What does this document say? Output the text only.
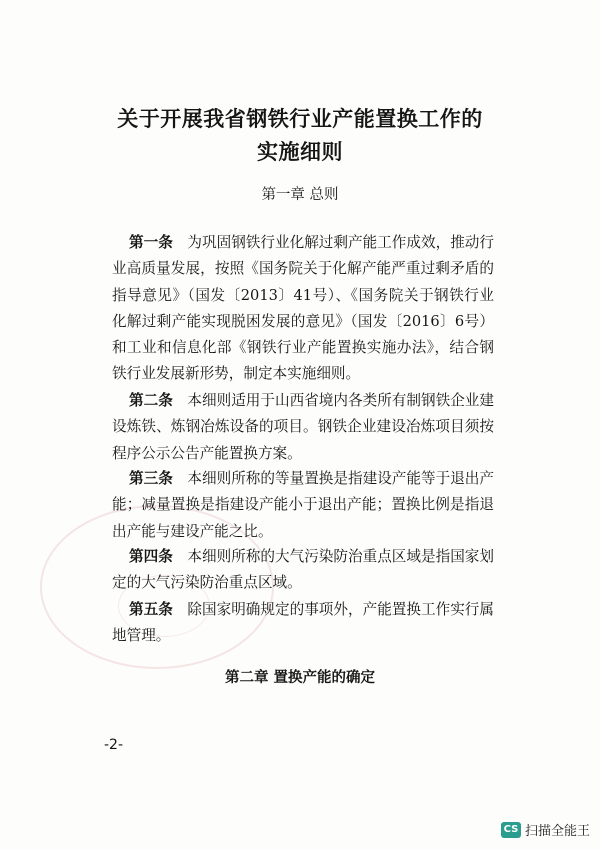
关于开展我省钢铁行业产能置换工作的
实施细则
第一章 总则
第一条  为巩固钢铁行业化解过剩产能工作成效，推动行业高质量发展，按照《国务院关于化解产能严重过剩矛盾的指导意见》（国发〔2013〕41号）、《国务院关于钢铁行业化解过剩产能实现脱困发展的意见》（国发〔2016〕6号）和工业和信息化部《钢铁行业产能置换实施办法》，结合钢铁行业发展新形势，制定本实施细则。
第二条  本细则适用于山西省境内各类所有制钢铁企业建设炼铁、炼钢冶炼设备的项目。钢铁企业建设冶炼项目须按程序公示公告产能置换方案。
第三条  本细则所称的等量置换是指建设产能等于退出产能；减量置换是指建设产能小于退出产能；置换比例是指退出产能与建设产能之比。
第四条  本细则所称的大气污染防治重点区域是指国家划定的大气污染防治重点区域。
第五条  除国家明确规定的事项外，产能置换工作实行属地管理。
第二章 置换产能的确定
-2-
CS 扫描全能王
